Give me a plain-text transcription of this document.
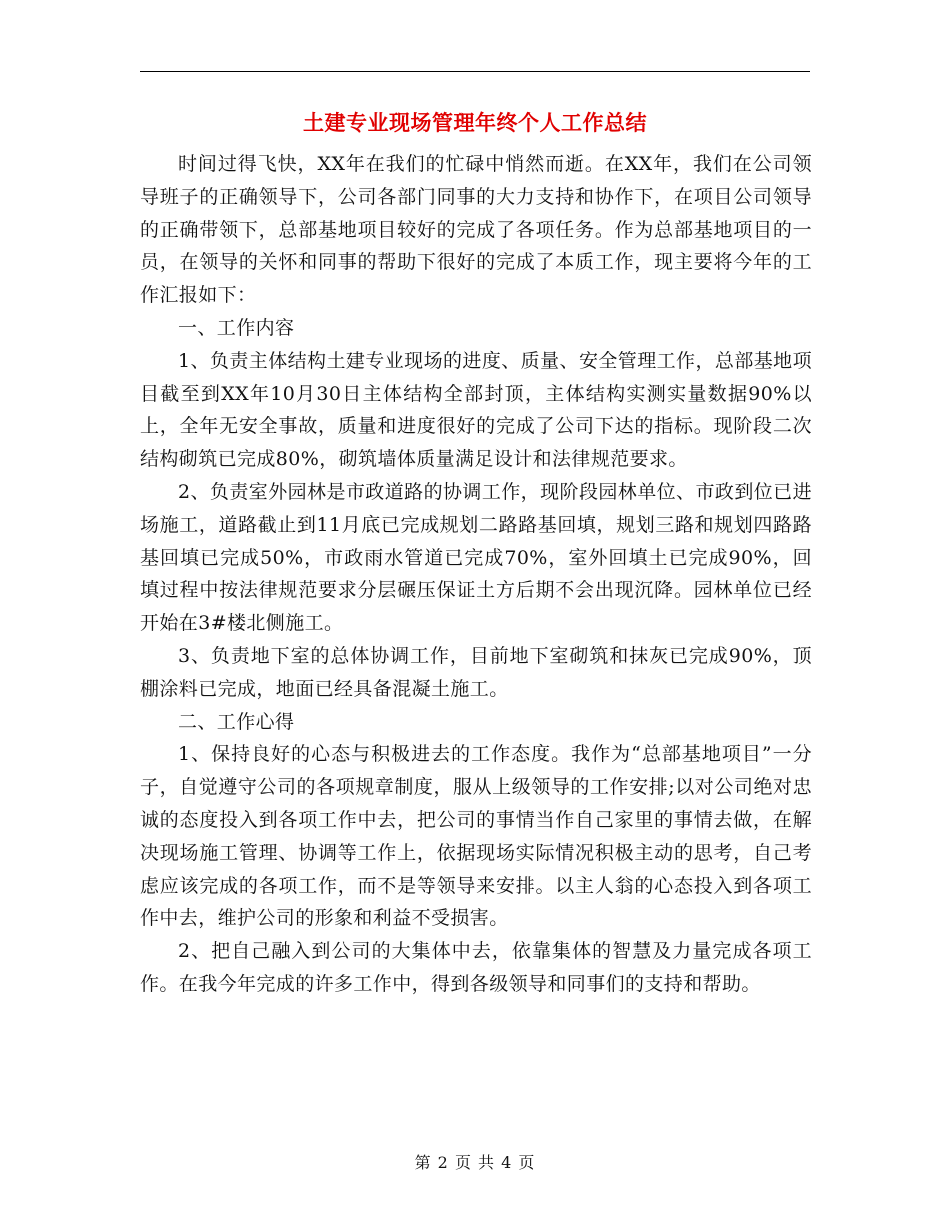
土建专业现场管理年终个人工作总结

时间过得飞快，XX年在我们的忙碌中悄然而逝。在XX年，我们在公司领导班子的正确领导下，公司各部门同事的大力支持和协作下，在项目公司领导的正确带领下，总部基地项目较好的完成了各项任务。作为总部基地项目的一员，在领导的关怀和同事的帮助下很好的完成了本质工作，现主要将今年的工作汇报如下：

一、工作内容

1、负责主体结构土建专业现场的进度、质量、安全管理工作，总部基地项目截至到XX年10月30日主体结构全部封顶，主体结构实测实量数据90%以上，全年无安全事故，质量和进度很好的完成了公司下达的指标。现阶段二次结构砌筑已完成80%，砌筑墙体质量满足设计和法律规范要求。

2、负责室外园林是市政道路的协调工作，现阶段园林单位、市政到位已进场施工，道路截止到11月底已完成规划二路路基回填，规划三路和规划四路路基回填已完成50%，市政雨水管道已完成70%，室外回填土已完成90%，回填过程中按法律规范要求分层碾压保证土方后期不会出现沉降。园林单位已经开始在3#楼北侧施工。

3、负责地下室的总体协调工作，目前地下室砌筑和抹灰已完成90%，顶棚涂料已完成，地面已经具备混凝土施工。

二、工作心得

1、保持良好的心态与积极进去的工作态度。我作为“总部基地项目”一分子，自觉遵守公司的各项规章制度，服从上级领导的工作安排;以对公司绝对忠诚的态度投入到各项工作中去，把公司的事情当作自己家里的事情去做，在解决现场施工管理、协调等工作上，依据现场实际情况积极主动的思考，自己考虑应该完成的各项工作，而不是等领导来安排。以主人翁的心态投入到各项工作中去，维护公司的形象和利益不受损害。

2、把自己融入到公司的大集体中去，依靠集体的智慧及力量完成各项工作。在我今年完成的许多工作中，得到各级领导和同事们的支持和帮助。

第 2 页 共 4 页
